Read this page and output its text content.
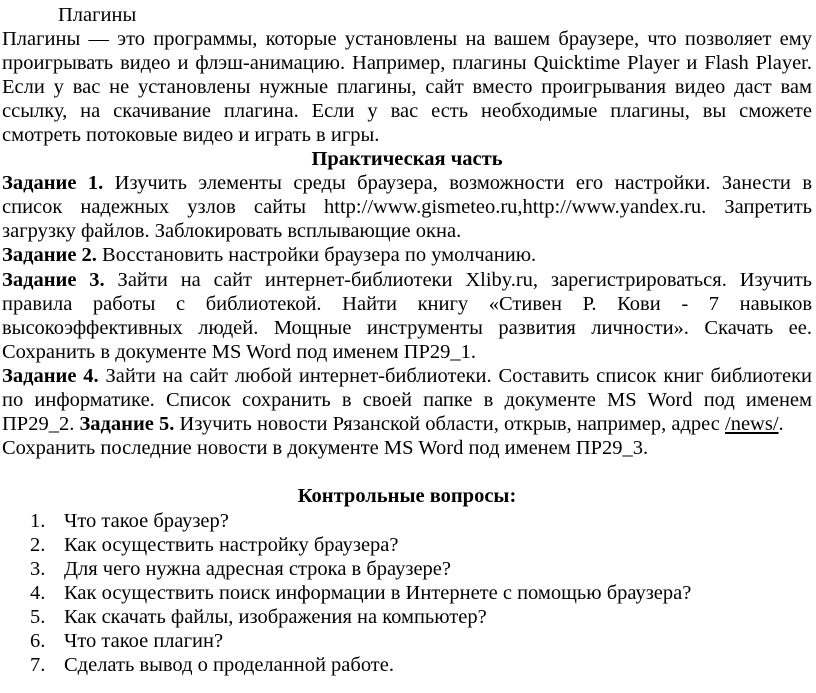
Плагины
Плагины — это программы, которые установлены на вашем браузере, что позволяет ему
проигрывать видео и флэш-анимацию. Например, плагины Quicktime Player и Flash Player.
Если у вас не установлены нужные плагины, сайт вместо проигрывания видео даст вам
ссылку, на скачивание плагина. Если у вас есть необходимые плагины, вы сможете
смотреть потоковые видео и играть в игры.
Практическая часть
Задание 1. Изучить элементы среды браузера, возможности его настройки. Занести в
список надежных узлов сайты http://www.gismeteo.ru,http://www.yandex.ru. Запретить
загрузку файлов. Заблокировать всплывающие окна.
Задание 2. Восстановить настройки браузера по умолчанию.
Задание 3. Зайти на сайт интернет-библиотеки Xliby.ru, зарегистрироваться. Изучить
правила работы с библиотекой. Найти книгу «Стивен Р. Кови - 7 навыков
высокоэффективных людей. Мощные инструменты развития личности». Скачать ее.
Сохранить в документе MS Word под именем ПР29_1.
Задание 4. Зайти на сайт любой интернет-библиотеки. Составить список книг библиотеки
по информатике. Список сохранить в своей папке в документе MS Word под именем
ПР29_2. Задание 5. Изучить новости Рязанской области, открыв, например, адрес /news/.
Сохранить последние новости в документе MS Word под именем ПР29_3.
Контрольные вопросы:
1. Что такое браузер?
2. Как осуществить настройку браузера?
3. Для чего нужна адресная строка в браузере?
4. Как осуществить поиск информации в Интернете с помощью браузера?
5. Как скачать файлы, изображения на компьютер?
6. Что такое плагин?
7. Сделать вывод о проделанной работе.
